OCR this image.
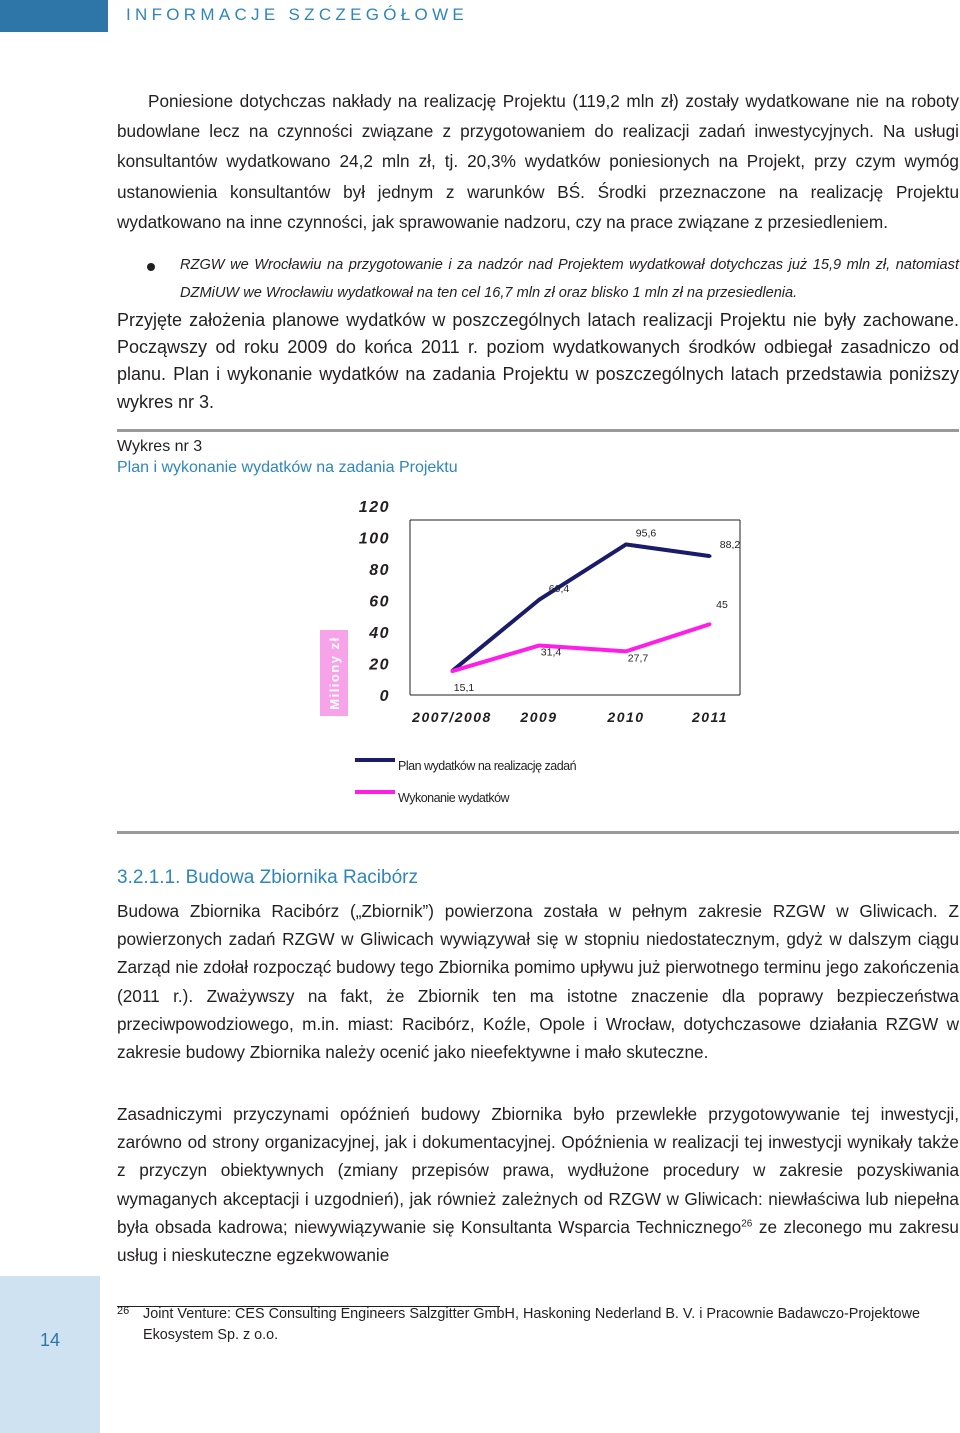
INFORMACJE SZCZEGÓŁOWE

Poniesione dotychczas nakłady na realizację Projektu (119,2 mln zł) zostały wydatkowane nie na roboty budowlane lecz na czynności związane z przygotowaniem do realizacji zadań inwestycyjnych. Na usługi konsultantów wydatkowano 24,2 mln zł, tj. 20,3% wydatków poniesionych na Projekt, przy czym wymóg ustanowienia konsultantów był jednym z warunków BŚ. Środki przeznaczone na realizację Projektu wydatkowano na inne czynności, jak sprawowanie nadzoru, czy na prace związane z przesiedleniem.

RZGW we Wrocławiu na przygotowanie i za nadzór nad Projektem wydatkował dotychczas już 15,9 mln zł, natomiast DZMiUW we Wrocławiu wydatkował na ten cel 16,7 mln zł oraz blisko 1 mln zł na przesiedlenia.

Przyjęte założenia planowe wydatków w poszczególnych latach realizacji Projektu nie były zachowane. Począwszy od roku 2009 do końca 2011 r. poziom wydatkowanych środków odbiegał zasadniczo od planu. Plan i wykonanie wydatków na zadania Projektu w poszczególnych latach przedstawia poniższy wykres nr 3.

Wykres nr 3
Plan i wykonanie wydatków na zadania Projektu
Miliony zł 0
20
40
60
80
100
120
2007/2008 2009	2010	2011
60,4
95,6
88,2
15,1
31,4	27,7
45
Plan wydatków na realizację zadań
Wykonanie wydatków
3.2.1.1. Budowa Zbiornika Racibórz

Budowa Zbiornika Racibórz („Zbiornik”) powierzona została w pełnym zakresie RZGW w Gliwicach. Z powierzonych zadań RZGW w Gliwicach wywiązywał się w stopniu niedostatecznym, gdyż w dalszym ciągu Zarząd nie zdołał rozpocząć budowy tego Zbiornika pomimo upływu już pierwotnego terminu jego zakończenia (2011 r.). Zważywszy na fakt, że Zbiornik ten ma istotne znaczenie dla poprawy bezpieczeństwa przeciwpowodziowego, m.in. miast: Racibórz, Koźle, Opole i Wrocław, dotychczasowe działania RZGW w zakresie budowy Zbiornika należy ocenić jako nieefektywne i mało skuteczne.

Zasadniczymi przyczynami opóźnień budowy Zbiornika było przewlekłe przygotowywanie tej inwestycji, zarówno od strony organizacyjnej, jak i dokumentacyjnej. Opóźnienia w realizacji tej inwestycji wynikały także z przyczyn obiektywnych (zmiany przepisów prawa, wydłużone procedury w zakresie pozyskiwania wymaganych akceptacji i uzgodnień), jak również zależnych od RZGW w Gliwicach: niewłaściwa lub niepełna była obsada kadrowa; niewywiązywanie się Konsultanta Wsparcia Technicznego$^{26}$ ze zleconego mu zakresu usług i nieskuteczne egzekwowanie

14
26 Joint Venture: CES Consulting Engineers Salzgitter GmbH, Haskoning Nederland B. V. i Pracownie Badawczo-Projektowe Ekosystem Sp. z o.o.
